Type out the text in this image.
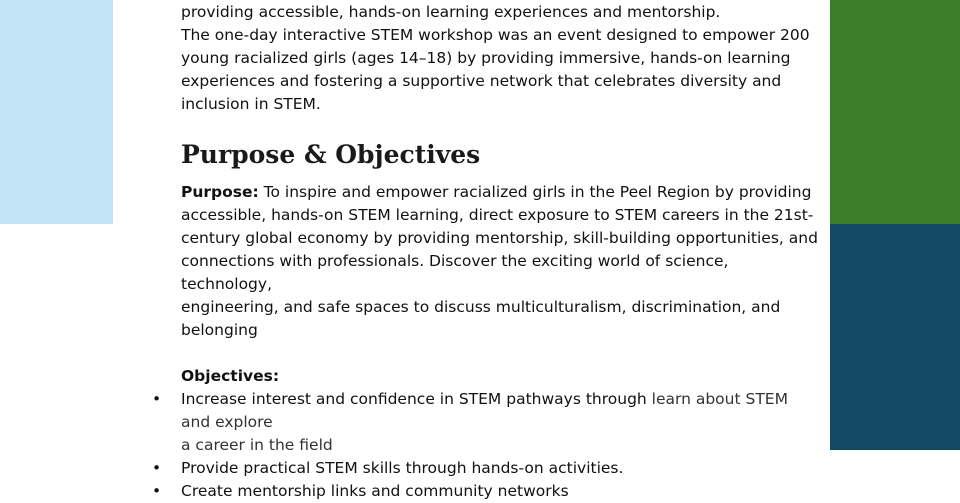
providing accessible, hands-on learning experiences and mentorship.
The one-day interactive STEM workshop was an event designed to empower 200
young racialized girls (ages 14–18) by providing immersive, hands-on learning
experiences and fostering a supportive network that celebrates diversity and
inclusion in STEM.
Purpose & Objectives
Purpose: To inspire and empower racialized girls in the Peel Region by providing
accessible, hands-on STEM learning, direct exposure to STEM careers in the 21st-
century global economy by providing mentorship, skill-building opportunities, and
connections with professionals. Discover the exciting world of science, technology,
engineering, and safe spaces to discuss multiculturalism, discrimination, and
belonging
Objectives:
• Increase interest and confidence in STEM pathways through learn about STEM and explore
a career in the field
• Provide practical STEM skills through hands-on activities.
• Create mentorship links and community networks
